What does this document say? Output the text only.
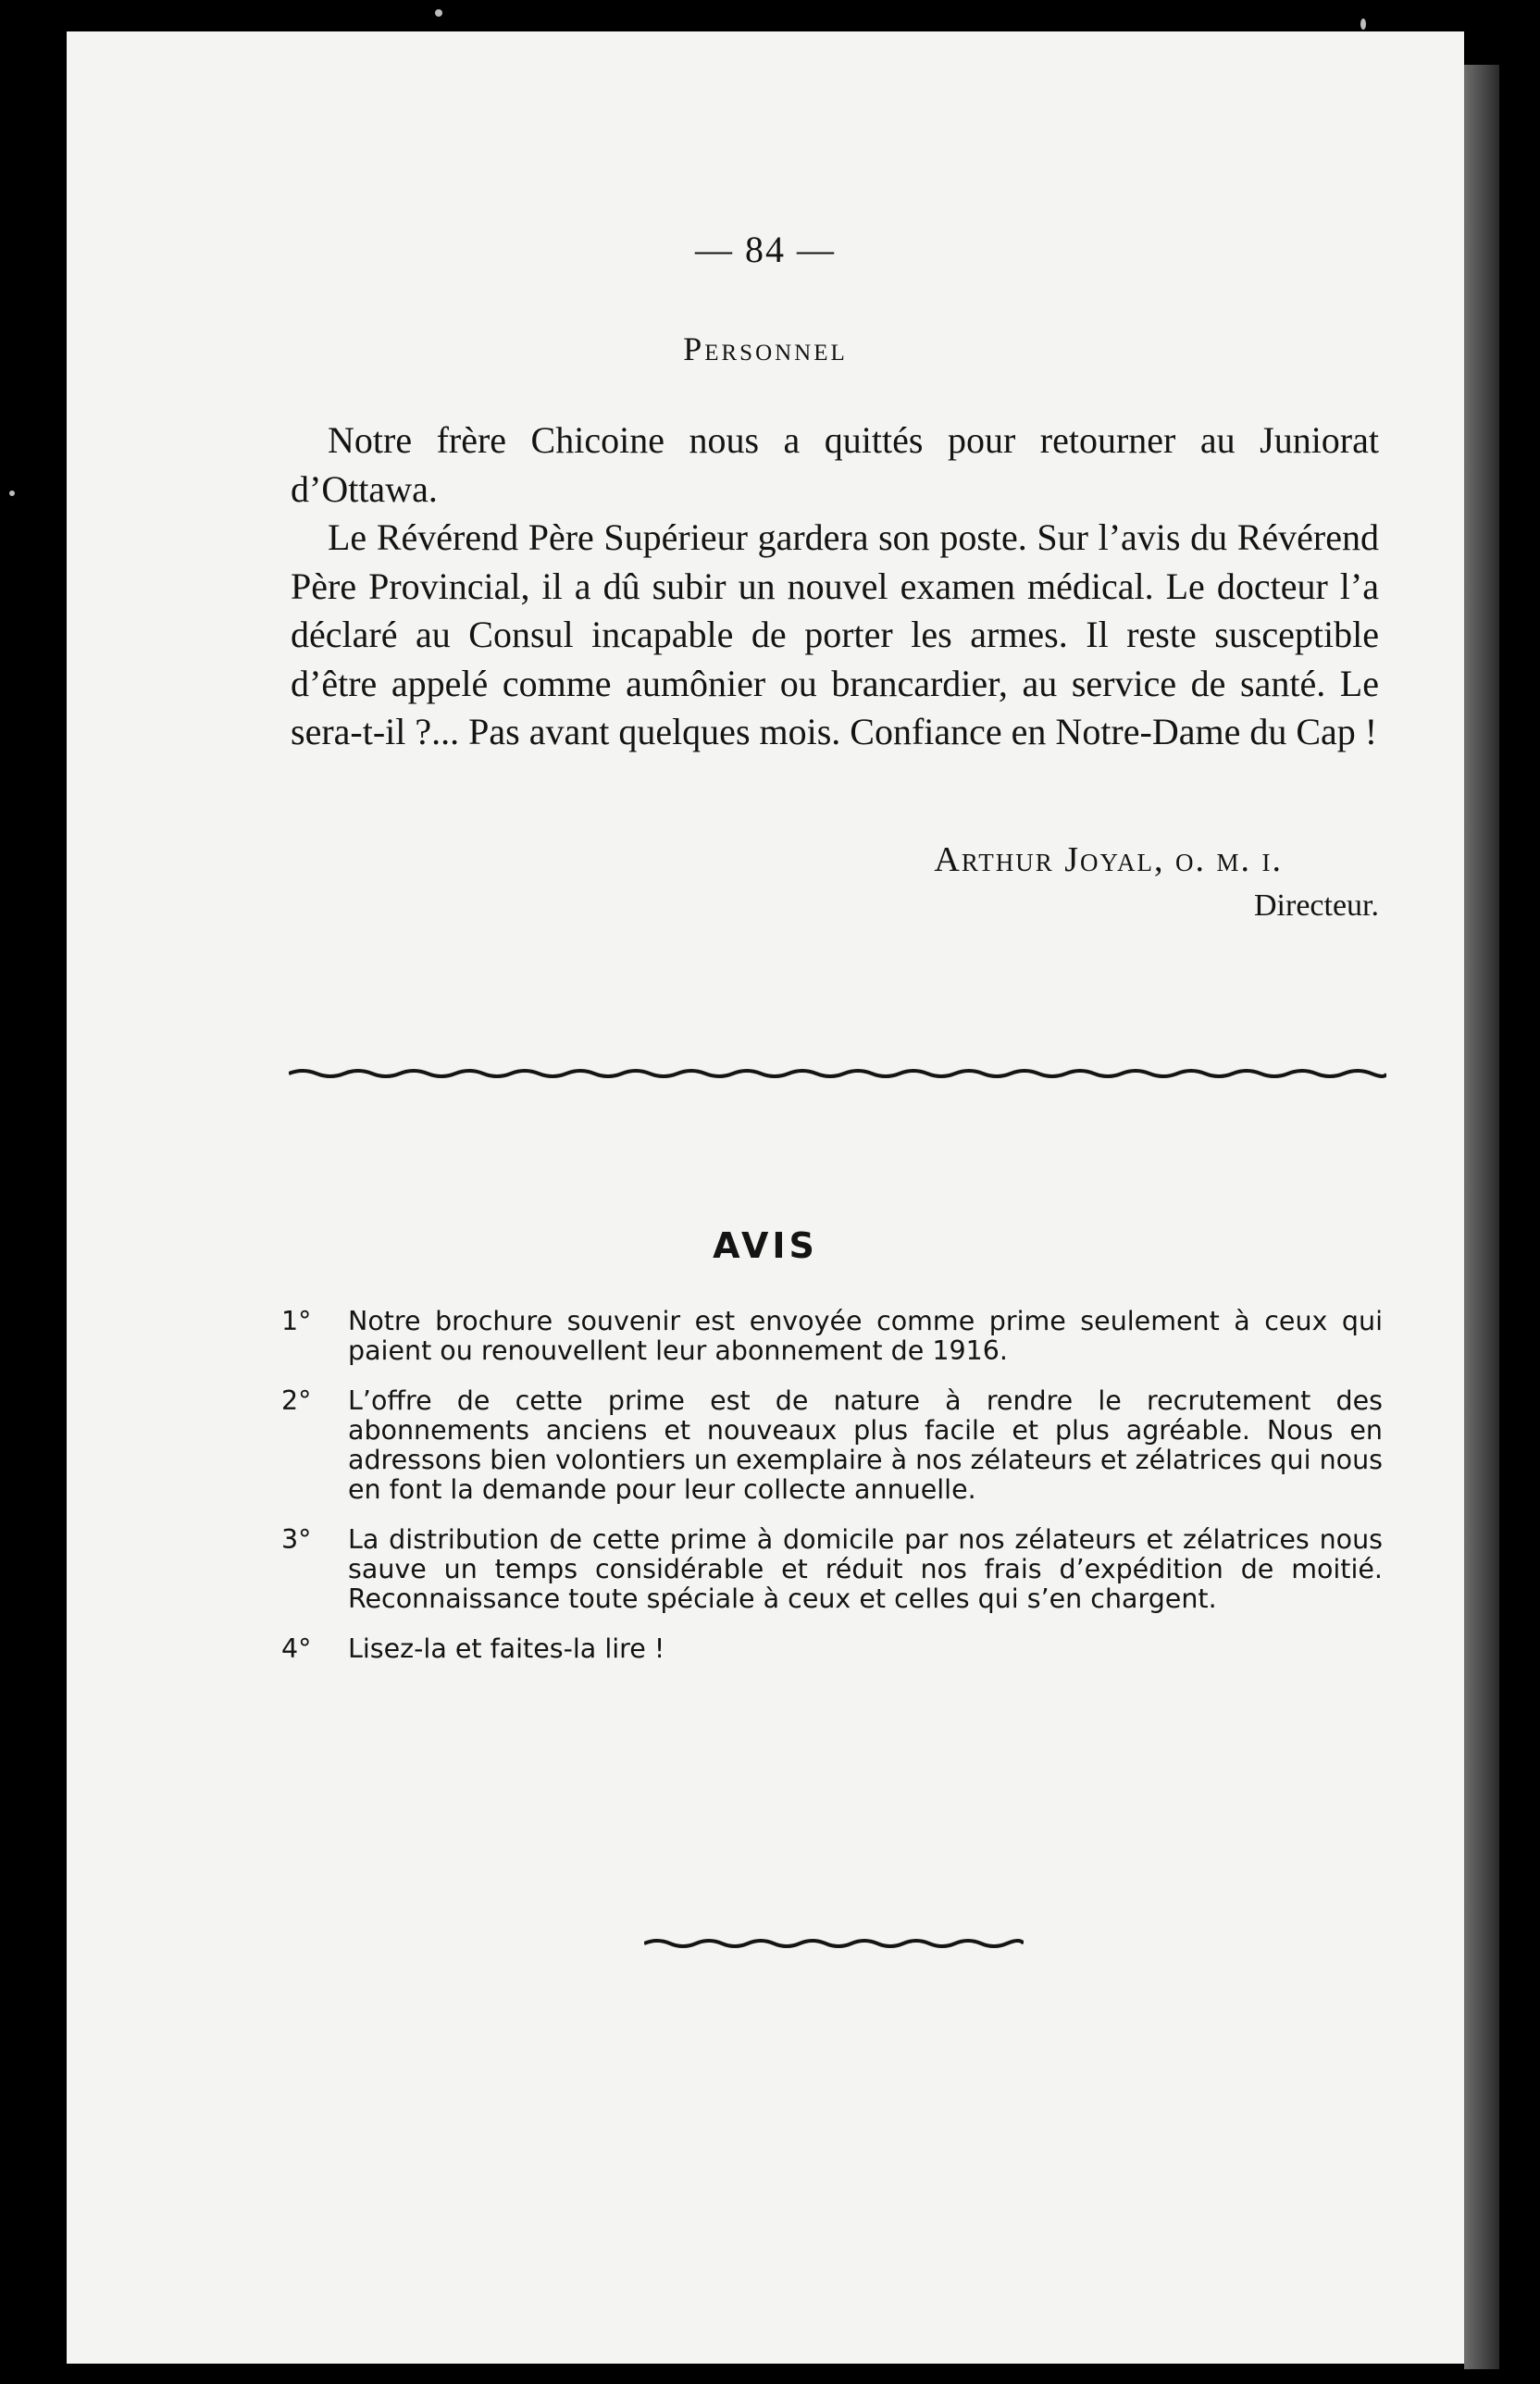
— 84 —
Personnel

Notre frère Chicoine nous a quittés pour retourner au Juniorat d’Ottawa.

Le Révérend Père Supérieur gardera son poste. Sur l’avis du Révérend Père Provincial, il a dû subir un nouvel examen médical. Le docteur l’a déclaré au Consul incapable de porter les armes. Il reste susceptible d’être appelé comme aumônier ou brancardier, au service de santé. Le sera-t-il ?... Pas avant quelques mois. Confiance en Notre-Dame du Cap !

Arthur Joyal, o. m. i.
Directeur.
AVIS
1° Notre brochure souvenir est envoyée comme prime seulement à ceux qui paient ou renouvellent leur abonnement de 1916.
2° L’offre de cette prime est de nature à rendre le recrutement des abonnements anciens et nouveaux plus facile et plus agréable. Nous en adressons bien volontiers un exemplaire à nos zélateurs et zélatrices qui nous en font la demande pour leur collecte annuelle.
3° La distribution de cette prime à domicile par nos zélateurs et zélatrices nous sauve un temps considérable et réduit nos frais d’expédition de moitié. Reconnaissance toute spéciale à ceux et celles qui s’en chargent.
4° Lisez-la et faites-la lire !
